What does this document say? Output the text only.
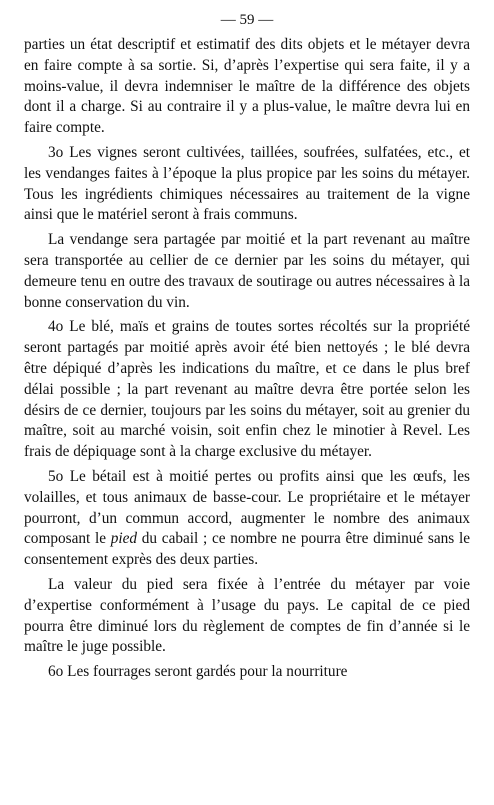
— 59 —

parties un état descriptif et estimatif des dits objets et le métayer devra en faire compte à sa sortie. Si, d’après l’expertise qui sera faite, il y a moins-value, il devra indemniser le maître de la différence des objets dont il a charge. Si au contraire il y a plus-value, le maître devra lui en faire compte.

3o Les vignes seront cultivées, taillées, soufrées, sulfatées, etc., et les vendanges faites à l’époque la plus propice par les soins du métayer. Tous les ingrédients chimiques nécessaires au traitement de la vigne ainsi que le matériel seront à frais communs.

La vendange sera partagée par moitié et la part revenant au maître sera transportée au cellier de ce dernier par les soins du métayer, qui demeure tenu en outre des travaux de soutirage ou autres nécessaires à la bonne conservation du vin.

4o Le blé, maïs et grains de toutes sortes récoltés sur la propriété seront partagés par moitié après avoir été bien nettoyés ; le blé devra être dépiqué d’après les indications du maître, et ce dans le plus bref délai possible ; la part revenant au maître devra être portée selon les désirs de ce dernier, toujours par les soins du métayer, soit au grenier du maître, soit au marché voisin, soit enfin chez le minotier à Revel. Les frais de dépiquage sont à la charge exclusive du métayer.

5o Le bétail est à moitié pertes ou profits ainsi que les œufs, les volailles, et tous animaux de basse-cour. Le propriétaire et le métayer pourront, d’un commun accord, augmenter le nombre des animaux composant le pied du cabail ; ce nombre ne pourra être diminué sans le consentement exprès des deux parties.

La valeur du pied sera fixée à l’entrée du métayer par voie d’expertise conformément à l’usage du pays. Le capital de ce pied pourra être diminué lors du règlement de comptes de fin d’année si le maître le juge possible.

6o Les fourrages seront gardés pour la nourriture
